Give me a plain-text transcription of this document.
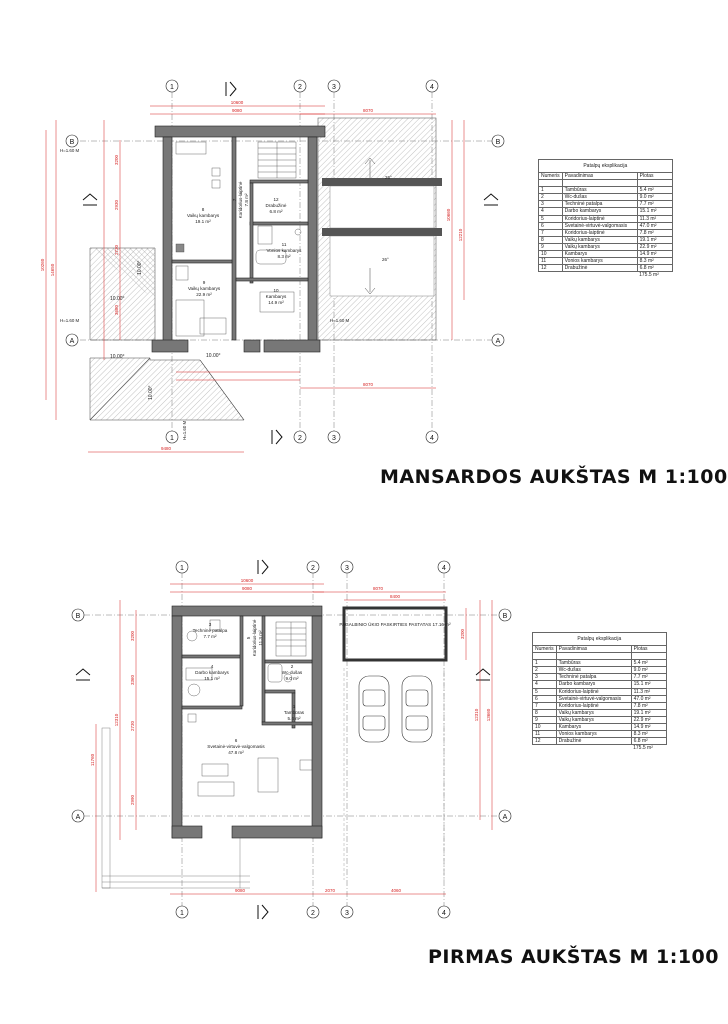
1	2	3	4
1	2	3	4
B	B
A	A
26°
26°
8
Vaikų kambarys
19.1 m²
Koridorius-laiptinė 7.8 m²
7	12
Drabužinė
6.8 m²
11
Vonios kambarys
8.3 m²
9
Vaikų kambarys
22.9 m²
10
Kambarys
14.9 m²
10.00°
10.00°
10.00°	10.00°
10.00°
H=1.60 M
H=1.60 M	H=1.60 M
H=1.60 M
10600
9080	8070
8070
9480
14650
10260
3200
2730
2930
3680
10660
12210
1	2	3	4
1	2	3	4
B	B
A	A
PAGALBINIO ŪKIO PASKIRTIES PASTATAS 17.16 m²
3
Techninė patalpa
7.7 m²	5 Koridorius-laiptinė 11.3 m²
4
Darbo kambarys
15.1 m²
2
Wc-dušas
9.0 m²
1
Tambūras
5.4 m²
6
Svetainė-virtuvė-valgomasis
47.8 m²
10600
9080	8070
8400
9080	2070	4060
11760
12310
3200
2730
3360
2990
12310 13660
3200
Patalpų eksplikacija		
Numeris	Pavadinimas	Plotas

1	Tambūras	5.4 m²
2	Wc-dušas	9.0 m²
3	Techninė patalpa	7.7 m²
4	Darbo kambarys	15.1 m²
5	Koridorius-laiptinė	11.3 m²
6	Svetainė-virtuvė-valgomasis	47.0 m²
7	Koridorius-laiptinė	7.8 m²
8	Vaikų kambarys	19.1 m²
9	Vaikų kambarys	22.9 m²
10	Kambarys	14.9 m²
11	Vonios kambarys	8.3 m²
12	Drabužinė	6.8 m²
		175.5 m²
Patalpų eksplikacija		
Numeris	Pavadinimas	Plotas

1	Tambūras	5.4 m²
2	Wc-dušas	9.0 m²
3	Techninė patalpa	7.7 m²
4	Darbo kambarys	15.1 m²
5	Koridorius-laiptinė	11.3 m²
6	Svetainė-virtuvė-valgomasis	47.0 m²
7	Koridorius-laiptinė	7.8 m²
8	Vaikų kambarys	19.1 m²
9	Vaikų kambarys	22.9 m²
10	Kambarys	14.9 m²
11	Vonios kambarys	8.3 m²
12	Drabužinė	6.8 m²
		175.5 m²
MANSARDOS AUKŠTAS M 1:100
PIRMAS AUKŠTAS M 1:100
